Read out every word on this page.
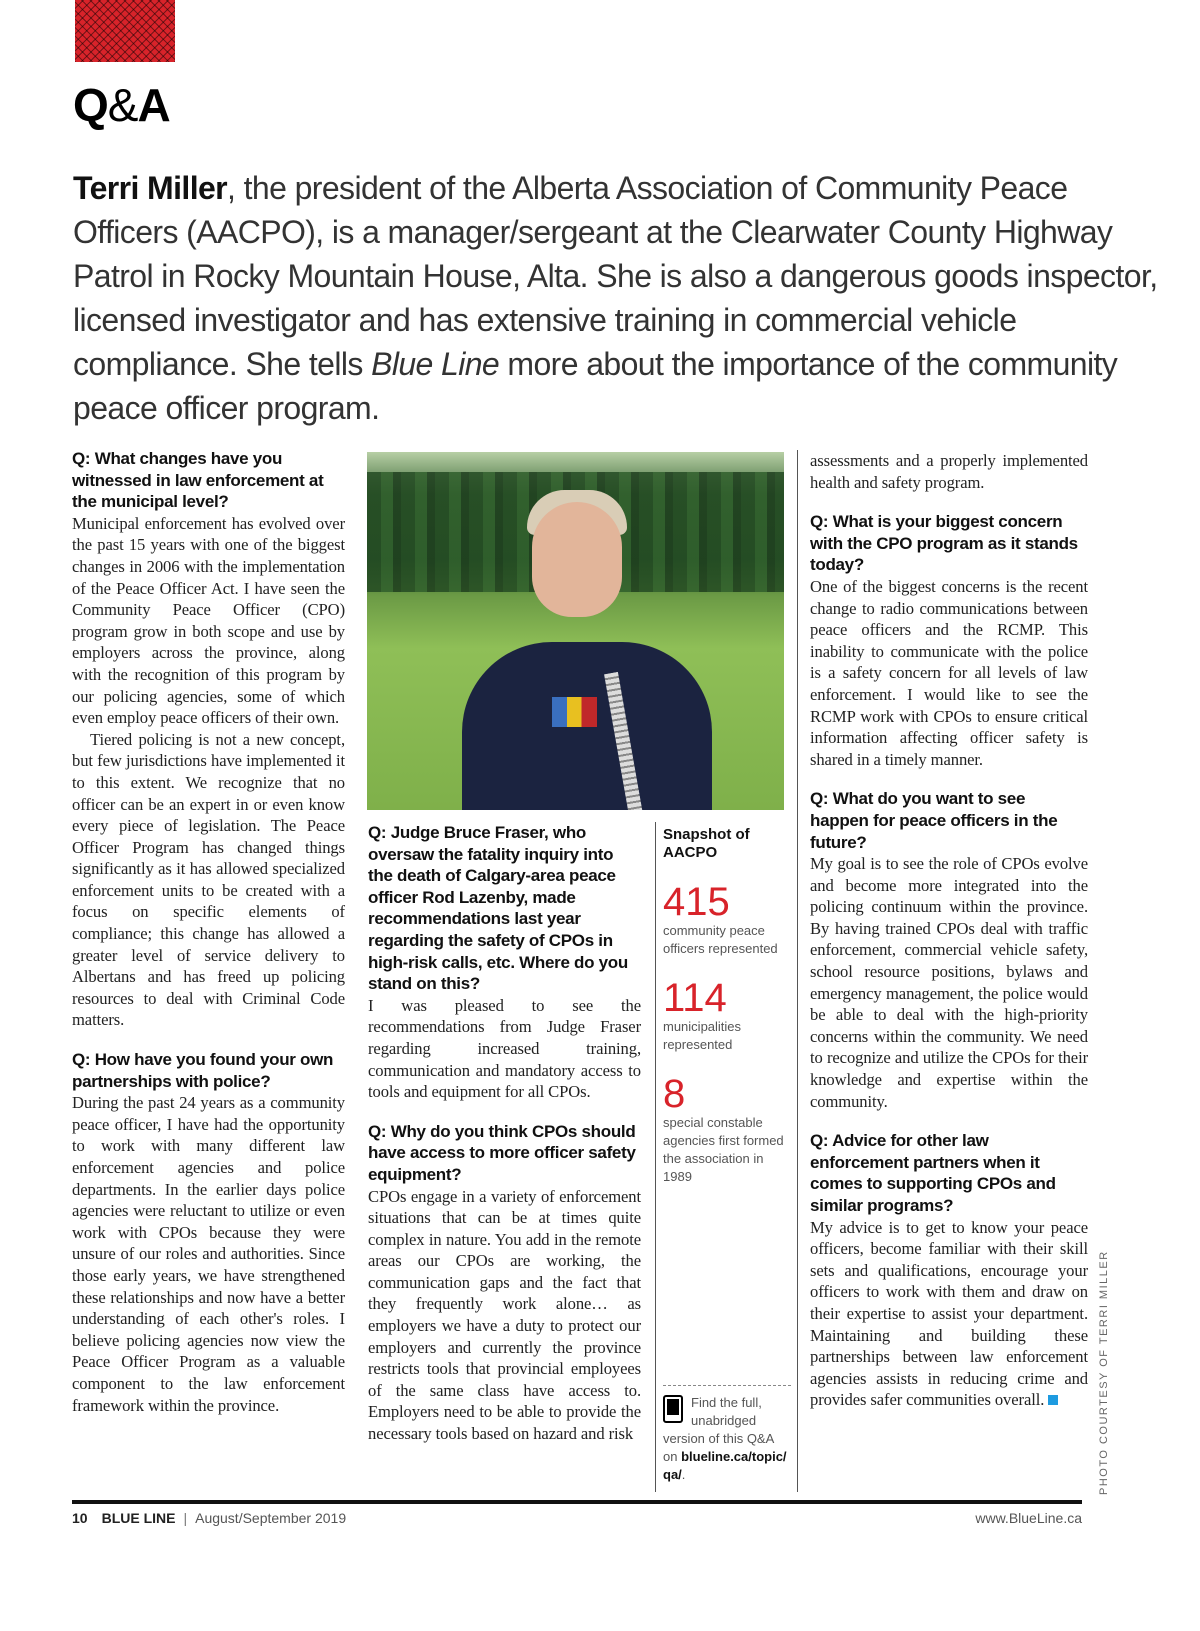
Q&A
Terri Miller, the president of the Alberta Association of Community Peace Officers (AACPO), is a manager/sergeant at the Clearwater County Highway Patrol in Rocky Mountain House, Alta. She is also a dangerous goods inspector, licensed investigator and has extensive training in commercial vehicle compliance. She tells Blue Line more about the importance of the community peace officer program.
Q: What changes have you witnessed in law enforcement at the municipal level?

Municipal enforcement has evolved over the past 15 years with one of the biggest changes in 2006 with the implementation of the Peace Officer Act. I have seen the Community Peace Officer (CPO) program grow in both scope and use by employers across the province, along with the recognition of this program by our policing agencies, some of which even employ peace officers of their own.

Tiered policing is not a new concept, but few jurisdictions have implemented it to this extent. We recognize that no officer can be an expert in or even know every piece of legislation. The Peace Officer Program has changed things significantly as it has allowed specialized enforcement units to be created with a focus on specific elements of compliance; this change has allowed a greater level of service delivery to Albertans and has freed up policing resources to deal with Criminal Code matters.

Q: How have you found your own partnerships with police?

During the past 24 years as a community peace officer, I have had the opportunity to work with many different law enforcement agencies and police departments. In the earlier days police agencies were reluctant to utilize or even work with CPOs because they were unsure of our roles and authorities. Since those early years, we have strengthened these relationships and now have a better understanding of each other's roles. I believe policing agencies now view the Peace Officer Program as a valuable component to the law enforcement framework within the province.

Q: Judge Bruce Fraser, who oversaw the fatality inquiry into the death of Calgary-area peace officer Rod Lazenby, made recommendations last year regarding the safety of CPOs in high-risk calls, etc. Where do you stand on this?

I was pleased to see the recommendations from Judge Fraser regarding increased training, communication and mandatory access to tools and equipment for all CPOs.

Q: Why do you think CPOs should have access to more officer safety equipment?

CPOs engage in a variety of enforcement situations that can be at times quite complex in nature. You add in the remote areas our CPOs are working, the communication gaps and the fact that they frequently work alone… as employers we have a duty to protect our employers and currently the province restricts tools that provincial employees of the same class have access to. Employers need to be able to provide the necessary tools based on hazard and risk

Snapshot of AACPO
415
community peace officers represented
114
municipalities represented
8
special constable agencies first formed the association in 1989
Find the full, unabridged version of this Q&A on blueline.ca/topic/qa/.

assessments and a properly implemented health and safety program.

Q: What is your biggest concern with the CPO program as it stands today?

One of the biggest concerns is the recent change to radio communications between peace officers and the RCMP. This inability to communicate with the police is a safety concern for all levels of law enforcement. I would like to see the RCMP work with CPOs to ensure critical information affecting officer safety is shared in a timely manner.

Q: What do you want to see happen for peace officers in the future?

My goal is to see the role of CPOs evolve and become more integrated into the policing continuum within the province. By having trained CPOs deal with traffic enforcement, commercial vehicle safety, school resource positions, bylaws and emergency management, the police would be able to deal with the high-priority concerns within the community. We need to recognize and utilize the CPOs for their knowledge and expertise within the community.

Q: Advice for other law enforcement partners when it comes to supporting CPOs and similar programs?

My advice is to get to know your peace officers, become familiar with their skill sets and qualifications, encourage your officers to work with them and draw on their expertise to assist your department. Maintaining and building these partnerships between law enforcement agencies assists in reducing crime and provides safer communities overall.	PHOTO COURTESY OF TERRI MILLER
10 BLUE LINE | August/September 2019	www.BlueLine.ca
